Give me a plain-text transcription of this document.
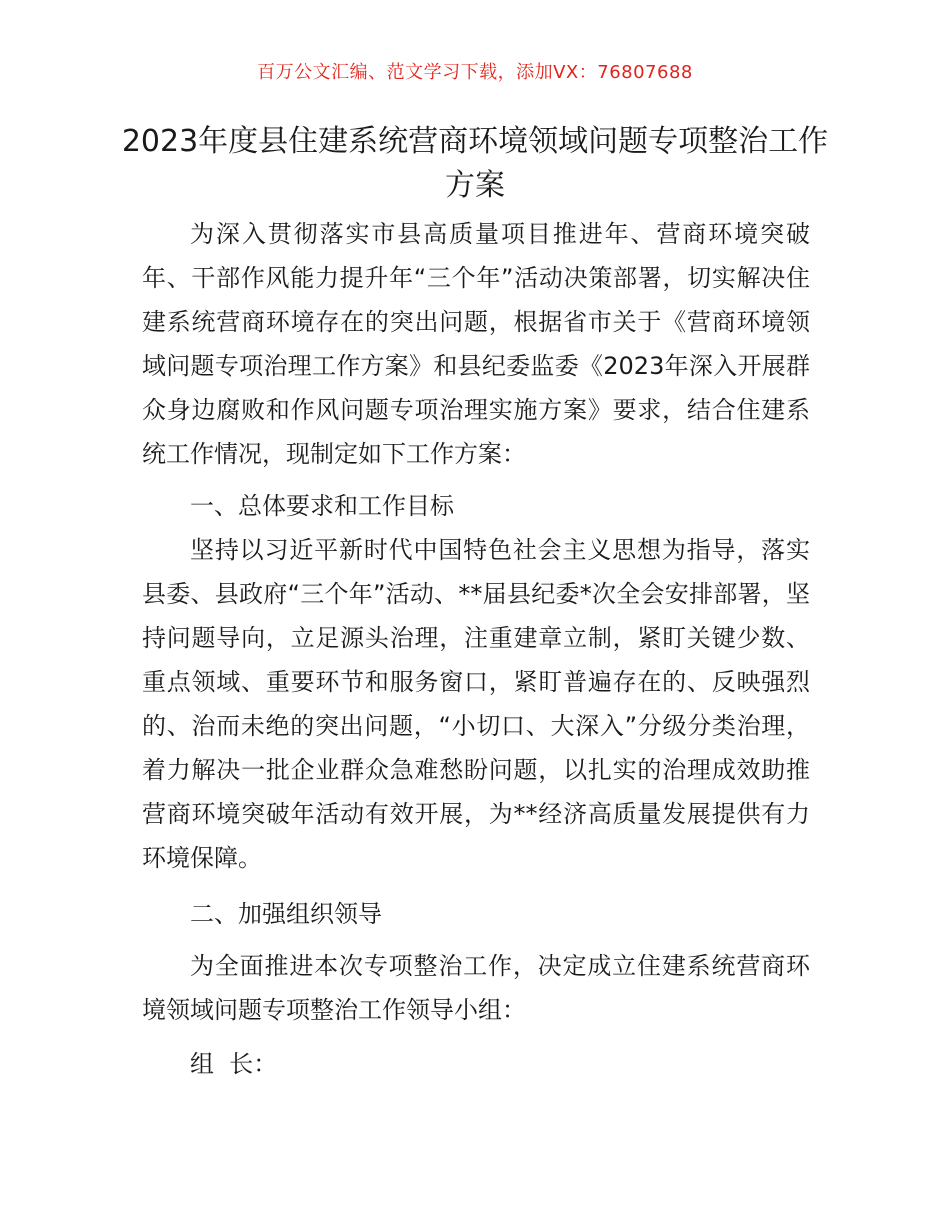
百万公文汇编、范文学习下载，添加VX：76807688
2023年度县住建系统营商环境领域问题专项整治工作方案

为深入贯彻落实市县高质量项目推进年、营商环境突破年、干部作风能力提升年“三个年”活动决策部署，切实解决住建系统营商环境存在的突出问题，根据省市关于《营商环境领域问题专项治理工作方案》和县纪委监委《2023年深入开展群众身边腐败和作风问题专项治理实施方案》要求，结合住建系统工作情况，现制定如下工作方案：

一、总体要求和工作目标

坚持以习近平新时代中国特色社会主义思想为指导，落实县委、县政府“三个年”活动、**届县纪委*次全会安排部署，坚持问题导向，立足源头治理，注重建章立制，紧盯关键少数、重点领域、重要环节和服务窗口，紧盯普遍存在的、反映强烈的、治而未绝的突出问题，“小切口、大深入”分级分类治理，着力解决一批企业群众急难愁盼问题，以扎实的治理成效助推营商环境突破年活动有效开展，为**经济高质量发展提供有力环境保障。

二、加强组织领导

为全面推进本次专项整治工作，决定成立住建系统营商环境领域问题专项整治工作领导小组：

组  长：
